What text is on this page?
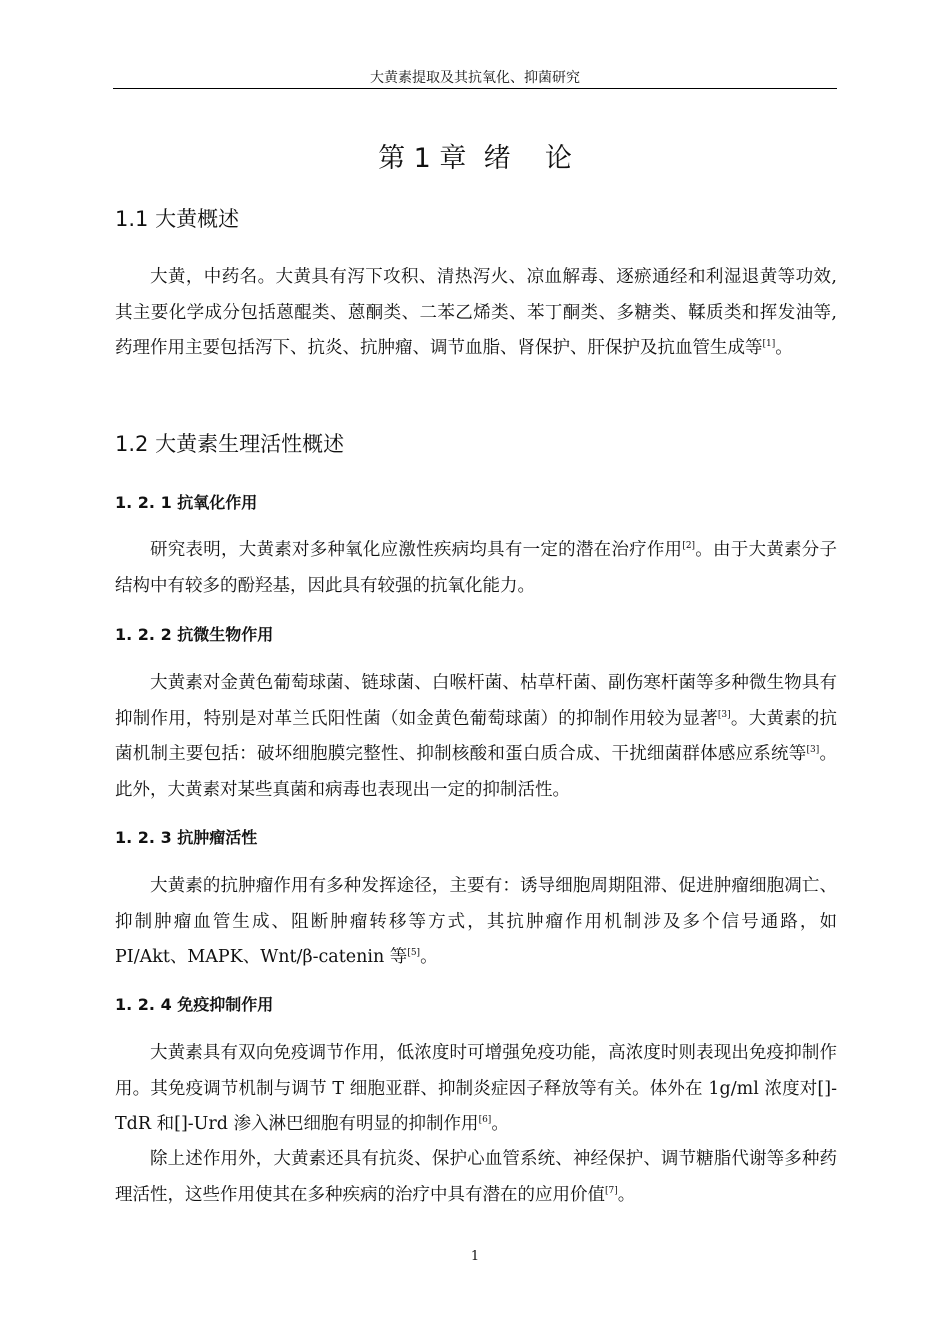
大黄素提取及其抗氧化、抑菌研究
第 1 章  绪    论
1.1 大黄概述
大黄，中药名。大黄具有泻下攻积、清热泻火、凉血解毒、逐瘀通经和利湿退黄等功效,其主要化学成分包括蒽醌类、蒽酮类、二苯乙烯类、苯丁酮类、多糖类、鞣质类和挥发油等,药理作用主要包括泻下、抗炎、抗肿瘤、调节血脂、肾保护、肝保护及抗血管生成等[1]。
1.2 大黄素生理活性概述
1. 2. 1 抗氧化作用
研究表明，大黄素对多种氧化应激性疾病均具有一定的潜在治疗作用[2]。由于大黄素分子结构中有较多的酚羟基，因此具有较强的抗氧化能力。
1. 2. 2 抗微生物作用
大黄素对金黄色葡萄球菌、链球菌、白喉杆菌、枯草杆菌、副伤寒杆菌等多种微生物具有抑制作用，特别是对革兰氏阳性菌（如金黄色葡萄球菌）的抑制作用较为显著[3]。大黄素的抗菌机制主要包括：破坏细胞膜完整性、抑制核酸和蛋白质合成、干扰细菌群体感应系统等[3]。此外，大黄素对某些真菌和病毒也表现出一定的抑制活性。
1. 2. 3 抗肿瘤活性
大黄素的抗肿瘤作用有多种发挥途径，主要有：诱导细胞周期阻滞、促进肿瘤细胞凋亡、抑制肿瘤血管生成、阻断肿瘤转移等方式，其抗肿瘤作用机制涉及多个信号通路，如 PI/Akt、MAPK、Wnt/β-catenin 等[5]。
1. 2. 4 免疫抑制作用
大黄素具有双向免疫调节作用，低浓度时可增强免疫功能，高浓度时则表现出免疫抑制作用。其免疫调节机制与调节 T 细胞亚群、抑制炎症因子释放等有关。体外在 1g/ml 浓度对[]-TdR 和[]-Urd 渗入淋巴细胞有明显的抑制作用[6]。
除上述作用外，大黄素还具有抗炎、保护心血管系统、神经保护、调节糖脂代谢等多种药理活性，这些作用使其在多种疾病的治疗中具有潜在的应用价值[7]。
1
